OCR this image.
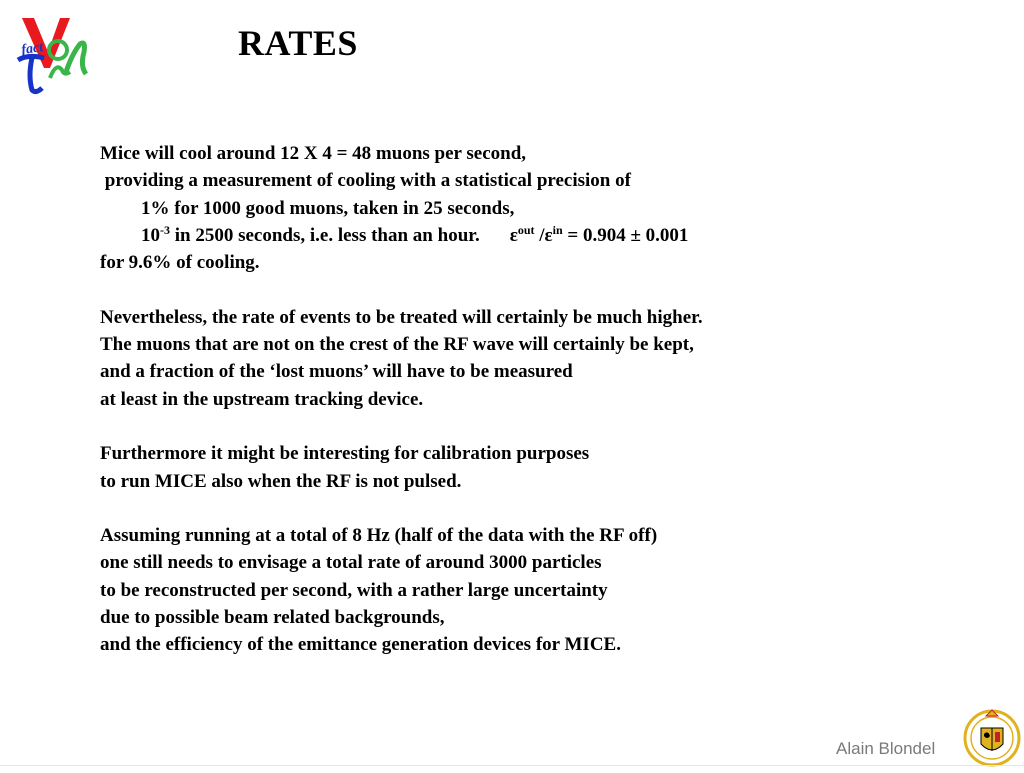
fact	RATES
Mice will cool around 12 X 4 = 48 muons per second,
providing a measurement of cooling with a statistical precision of
1% for 1000 good muons, taken in 25 seconds,
$10^{-3}$ in 2500 seconds, i.e. less than an hour. $\varepsilon^{out}$ $/\varepsilon^{in} = 0.904 \pm 0.001$
for 9.6% of cooling.
Nevertheless, the rate of events to be treated will certainly be much higher.
The muons that are not on the crest of the RF wave will certainly be kept,
and a fraction of the ‘lost muons’ will have to be measured
at least in the upstream tracking device.
Furthermore it might be interesting for calibration purposes
to run MICE also when the RF is not pulsed.
Assuming running at a total of 8 Hz (half of the data with the RF off)
one still needs to envisage a total rate of around 3000 particles
to be reconstructed per second, with a rather large uncertainty
due to possible beam related backgrounds,
and the efficiency of the emittance generation devices for MICE.
Alain Blondel
